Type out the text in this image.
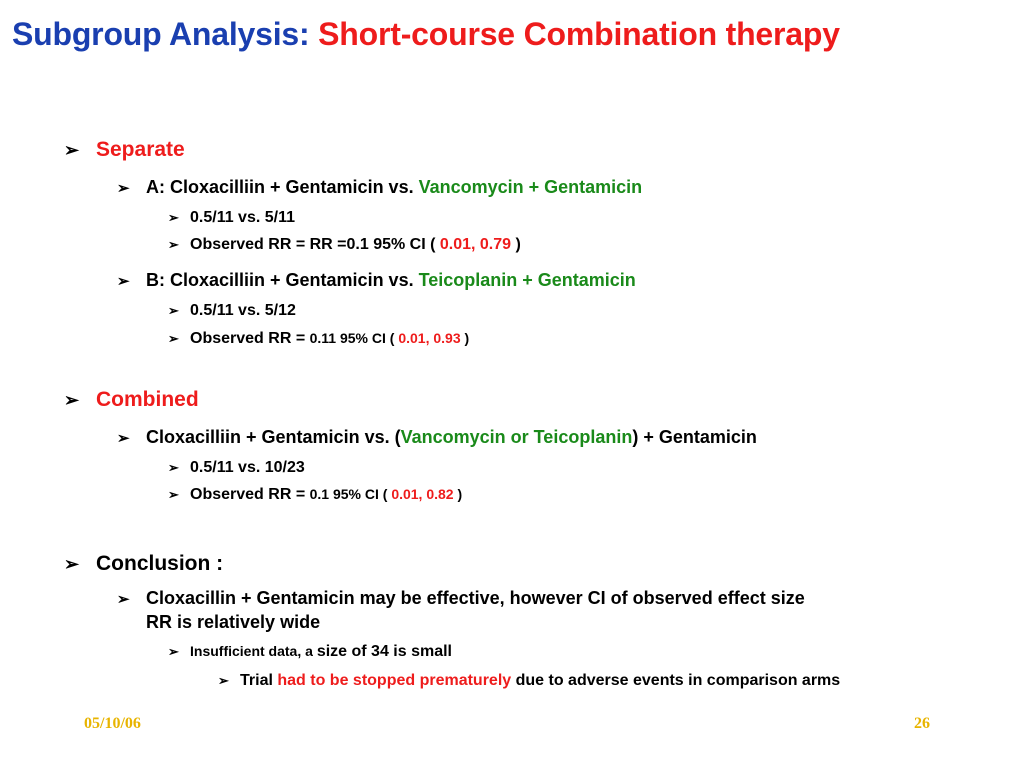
Subgroup Analysis: Short-course Combination therapy
➢ Separate
➢ A: Cloxacilliin + Gentamicin vs. Vancomycin + Gentamicin
➢ 0.5/11 vs. 5/11
➢ Observed RR = RR =0.1 95% CI ( 0.01, 0.79 )
➢ B: Cloxacilliin + Gentamicin vs. Teicoplanin + Gentamicin
➢ 0.5/11 vs. 5/12
➢ Observed RR = 0.11 95% CI ( 0.01, 0.93 )
➢ Combined
➢ Cloxacilliin + Gentamicin vs. (Vancomycin or Teicoplanin) + Gentamicin
➢ 0.5/11 vs. 10/23
➢ Observed RR = 0.1 95% CI ( 0.01, 0.82 )
➢ Conclusion :
➢ Cloxacillin + Gentamicin may be effective, however CI of observed effect size
RR is relatively wide
➢ Insufficient data, a size of 34 is small
➢ Trial had to be stopped prematurely due to adverse events in comparison arms
05/10/06	26
